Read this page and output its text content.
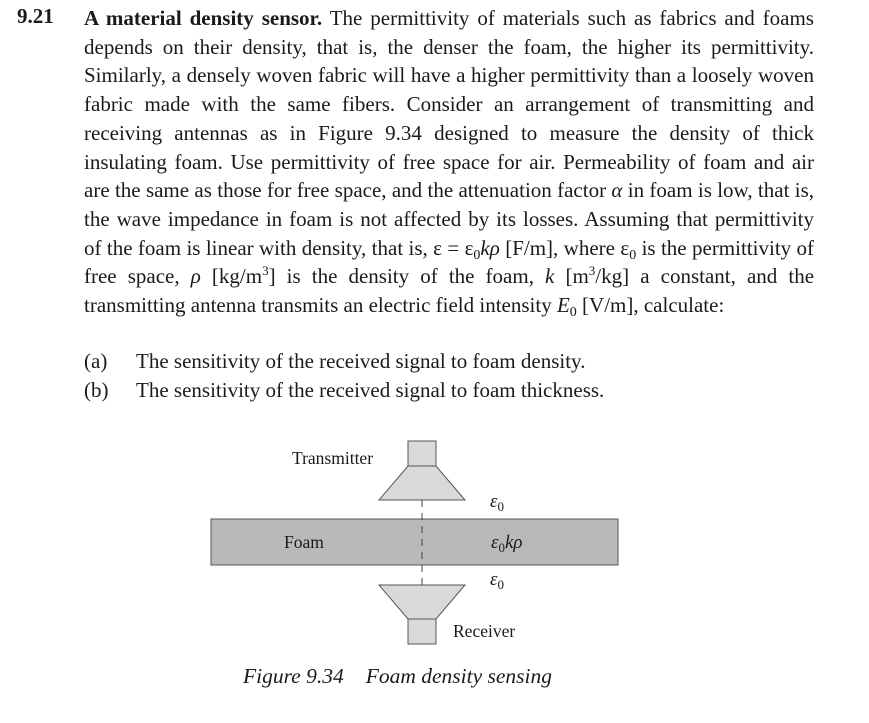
9.21 A material density sensor. The permittivity of materials such as fabrics and foams depends on their density, that is, the denser the foam, the higher its permittivity. Similarly, a densely woven fabric will have a higher permittivity than a loosely woven fabric made with the same fibers. Consider an arrangement of transmitting and receiving antennas as in Figure 9.34 designed to measure the density of thick insulating foam. Use permittivity of free space for air. Permeability of foam and air are the same as those for free space, and the attenuation factor α in foam is low, that is, the wave impedance in foam is not affected by its losses. Assuming that permittivity of the foam is linear with density, that is, $\varepsilon = \varepsilon_0k\rho$ [F/m], where $\varepsilon_0$ is the permittivity of free space, ρ $[kg/m^3]$ is the density of the foam, k $[m^3/kg]$ a constant, and the transmitting antenna transmits an electric field intensity $E_0$ [V/m], calculate:
(a) The sensitivity of the received signal to foam density.
(b) The sensitivity of the received signal to foam thickness.
Transmitter
Receiver
Foam
$\varepsilon_0$
$\varepsilon_0k\rho$
$\varepsilon_0$
Figure 9.34 Foam density sensing
